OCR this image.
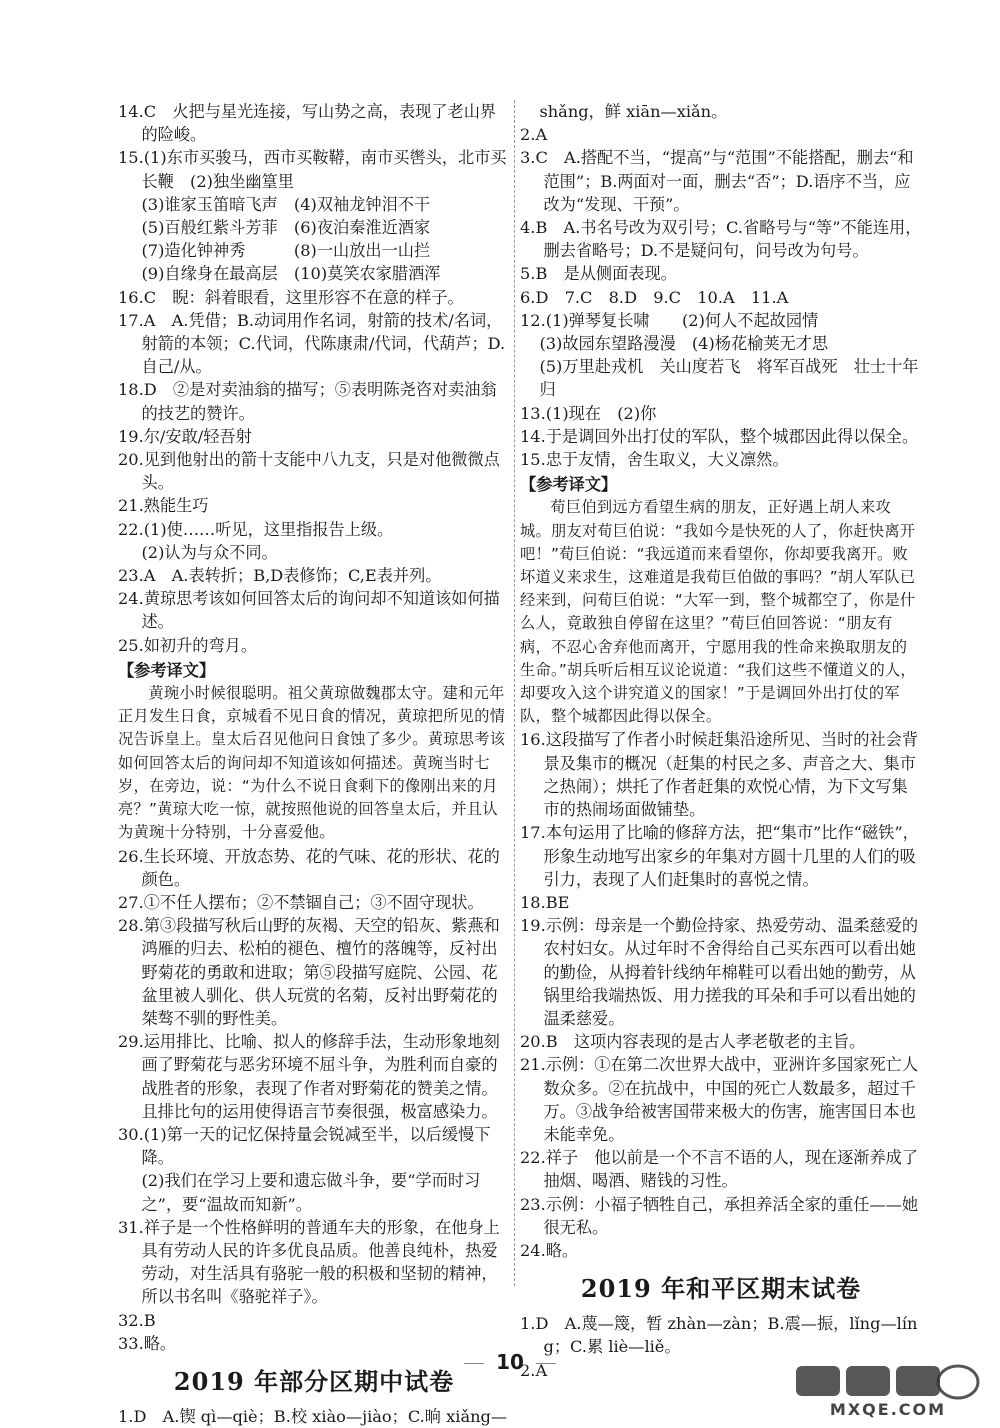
14.C　火把与星光连接，写山势之高，表现了老山界的险峻。
15.(1)东市买骏马，西市买鞍鞯，南市买辔头，北市买长鞭　(2)独坐幽篁里
(3)谁家玉笛暗飞声　(4)双袖龙钟泪不干
(5)百般红紫斗芳菲　(6)夜泊秦淮近酒家
(7)造化钟神秀　　　(8)一山放出一山拦
(9)自缘身在最高层　(10)莫笑农家腊酒浑
16.C　睨：斜着眼看，这里形容不在意的样子。
17.A　A.凭借；B.动词用作名词，射箭的技术/名词，射箭的本领；C.代词，代陈康肃/代词，代葫芦；D.自己/从。
18.D　②是对卖油翁的描写；⑤表明陈尧咨对卖油翁的技艺的赞许。
19.尔/安敢/轻吾射
20.见到他射出的箭十支能中八九支，只是对他微微点头。
21.熟能生巧
22.(1)使……听见，这里指报告上级。
(2)认为与众不同。
23.A　A.表转折；B,D表修饰；C,E表并列。
24.黄琼思考该如何回答太后的询问却不知道该如何描述。
25.如初升的弯月。
【参考译文】
黄琬小时候很聪明。祖父黄琼做魏郡太守。建和元年正月发生日食，京城看不见日食的情况，黄琼把所见的情况告诉皇上。皇太后召见他问日食蚀了多少。黄琼思考该如何回答太后的询问却不知道该如何描述。黄琬当时七岁，在旁边，说：“为什么不说日食剩下的像刚出来的月亮？”黄琼大吃一惊，就按照他说的回答皇太后，并且认为黄琬十分特别，十分喜爱他。
26.生长环境、开放态势、花的气味、花的形状、花的颜色。
27.①不任人摆布；②不禁锢自己；③不固守现状。
28.第③段描写秋后山野的灰褐、天空的铅灰、紫燕和鸿雁的归去、松柏的褪色、檀竹的落魄等，反衬出野菊花的勇敢和进取；第⑤段描写庭院、公园、花盆里被人驯化、供人玩赏的名菊，反衬出野菊花的桀骜不驯的野性美。
29.运用排比、比喻、拟人的修辞手法，生动形象地刻画了野菊花与恶劣环境不屈斗争，为胜利而自豪的战胜者的形象，表现了作者对野菊花的赞美之情。且排比句的运用使得语言节奏很强，极富感染力。
30.(1)第一天的记忆保持量会锐减至半，以后缓慢下降。
(2)我们在学习上要和遗忘做斗争，要“学而时习之”，要“温故而知新”。
31.祥子是一个性格鲜明的普通车夫的形象，在他身上具有劳动人民的许多优良品质。他善良纯朴，热爱劳动，对生活具有骆驼一般的积极和坚韧的精神，所以书名叫《骆驼祥子》。
32.B
33.略。
2019 年部分区期中试卷
1.D　A.锲 qì—qiè；B.校 xiào—jiào；C.晌 xiǎng—
shǎng，鲜 xiān—xiǎn。
2.A
3.C　A.搭配不当，“提高”与“范围”不能搭配，删去“和范围”；B.两面对一面，删去“否”；D.语序不当，应改为“发现、干预”。
4.B　A.书名号改为双引号；C.省略号与“等”不能连用，删去省略号；D.不是疑问句，问号改为句号。
5.B　是从侧面表现。
6.D　7.C　8.D　9.C　10.A　11.A
12.(1)弹琴复长啸　　(2)何人不起故园情
(3)故园东望路漫漫　(4)杨花榆荚无才思
(5)万里赴戎机　关山度若飞　将军百战死　壮士十年归
13.(1)现在　(2)你
14.于是调回外出打仗的军队，整个城郡因此得以保全。
15.忠于友情，舍生取义，大义凛然。
【参考译文】
荀巨伯到远方看望生病的朋友，正好遇上胡人来攻城。朋友对荀巨伯说：“我如今是快死的人了，你赶快离开吧！”荀巨伯说：“我远道而来看望你，你却要我离开。败坏道义来求生，这难道是我荀巨伯做的事吗？”胡人军队已经来到，问荀巨伯说：“大军一到，整个城都空了，你是什么人，竟敢独自停留在这里？”荀巨伯回答说：“朋友有病，不忍心舍弃他而离开，宁愿用我的性命来换取朋友的生命。”胡兵听后相互议论说道：“我们这些不懂道义的人，却要攻入这个讲究道义的国家！”于是调回外出打仗的军队，整个城都因此得以保全。
16.这段描写了作者小时候赶集沿途所见、当时的社会背景及集市的概况（赶集的村民之多、声音之大、集市之热闹）；烘托了作者赶集的欢悦心情，为下文写集市的热闹场面做铺垫。
17.本句运用了比喻的修辞方法，把“集市”比作“磁铁”，形象生动地写出家乡的年集对方圆十几里的人们的吸引力，表现了人们赶集时的喜悦之情。
18.BE
19.示例：母亲是一个勤俭持家、热爱劳动、温柔慈爱的农村妇女。从过年时不舍得给自己买东西可以看出她的勤俭，从拇着针线纳年棉鞋可以看出她的勤劳，从锅里给我端热饭、用力搓我的耳朵和手可以看出她的温柔慈爱。
20.B　这项内容表现的是古人孝老敬老的主旨。
21.示例：①在第二次世界大战中，亚洲许多国家死亡人数众多。②在抗战中，中国的死亡人数最多，超过千万。③战争给被害国带来极大的伤害，施害国日本也未能幸免。
22.祥子　他以前是一个不言不语的人，现在逐渐养成了抽烟、喝酒、赌钱的习性。
23.示例：小福子牺牲自己，承担养活全家的重任——她很无私。
24.略。
2019 年和平区期末试卷
1.D　A.蔑—篾，暂 zhàn—zàn；B.震—振，lǐng—líng；C.累 liè—liě。
2.A
10
MXQE.COM
